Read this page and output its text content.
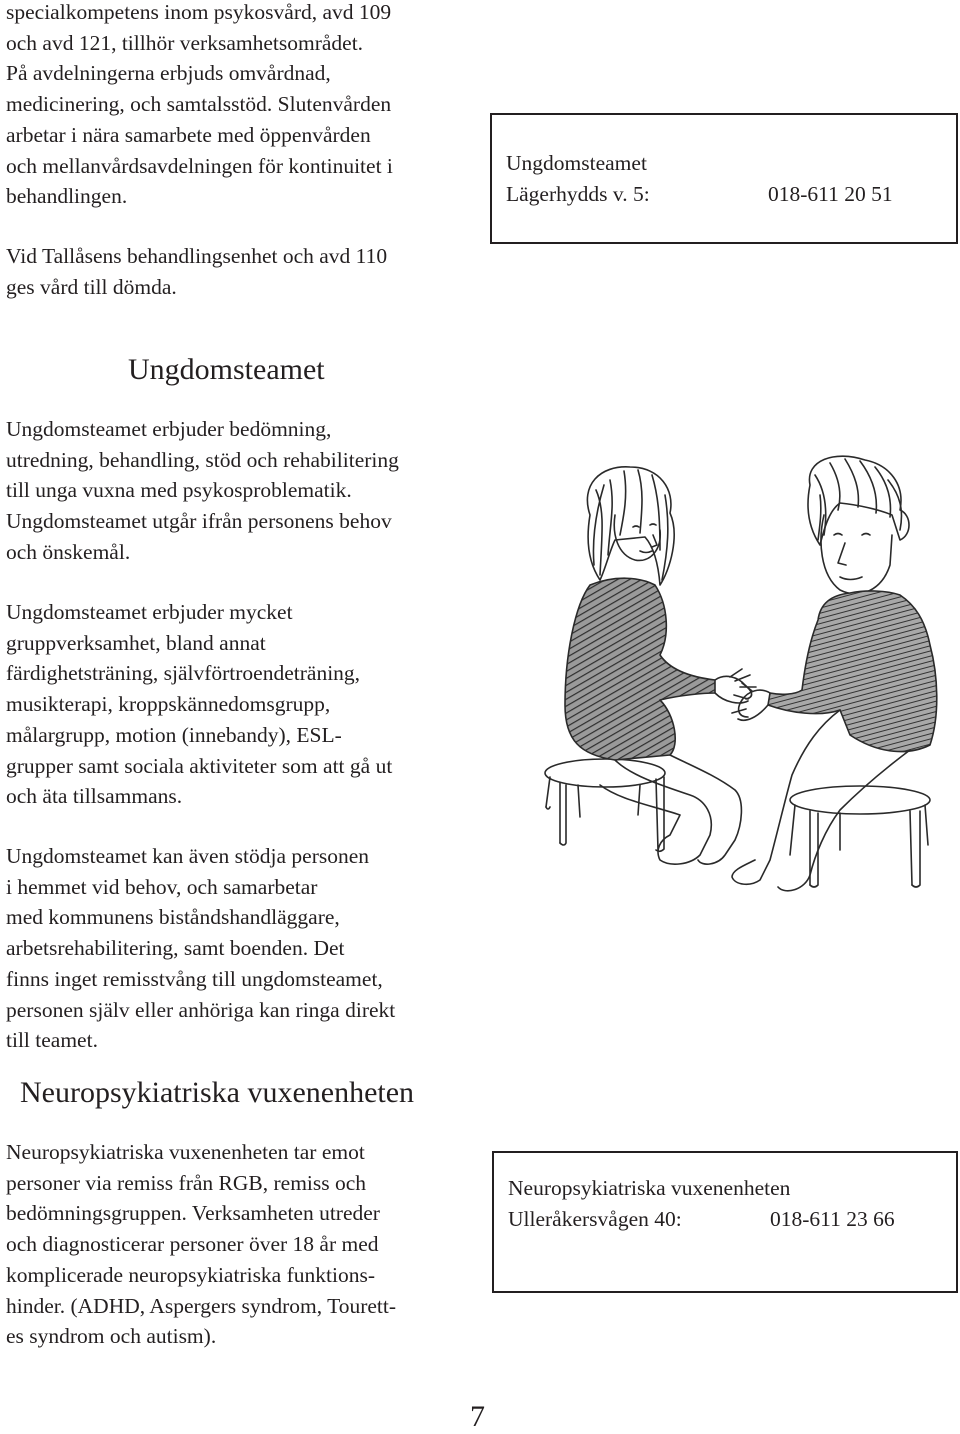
specialkompetens inom psykosvård, avd 109
och avd 121, tillhör verksamhetsområdet.
På avdelningerna erbjuds omvårdnad,
medicinering, och samtalsstöd. Slutenvården
arbetar i nära samarbete med öppenvården
och mellanvårdsavdelningen för kontinuitet i
behandlingen.
Vid Tallåsens behandlingsenhet och avd 110
ges vård till dömda.
Ungdomsteamet
Lägerhydds v. 5:	018-611 20 51
Ungdomsteamet
Ungdomsteamet erbjuder bedömning,
utredning, behandling, stöd och rehabilitering
till unga vuxna med psykosproblematik.
Ungdomsteamet utgår ifrån personens behov
och önskemål.
Ungdomsteamet erbjuder mycket
gruppverksamhet, bland annat
färdighetsträning, självförtroendeträning,
musikterapi, kroppskännedomsgrupp,
målargrupp, motion (innebandy), ESL-
grupper samt sociala aktiviteter som att gå ut
och äta tillsammans.
Ungdomsteamet kan även stödja personen
i hemmet vid behov, och samarbetar
med kommunens biståndshandläggare,
arbetsrehabilitering, samt boenden. Det
finns inget remisstvång till ungdomsteamet,
personen själv eller anhöriga kan ringa direkt
till teamet.
Neuropsykiatriska vuxenenheten
Neuropsykiatriska vuxenenheten tar emot
personer via remiss från RGB, remiss och
bedömningsgruppen. Verksamheten utreder
och diagnosticerar personer över 18 år med
komplicerade neuropsykiatriska funktions-
hinder. (ADHD, Aspergers syndrom, Tourett-
es syndrom och autism).
Neuropsykiatriska vuxenenheten
Ulleråkersvågen 40:	018-611 23 66
7
